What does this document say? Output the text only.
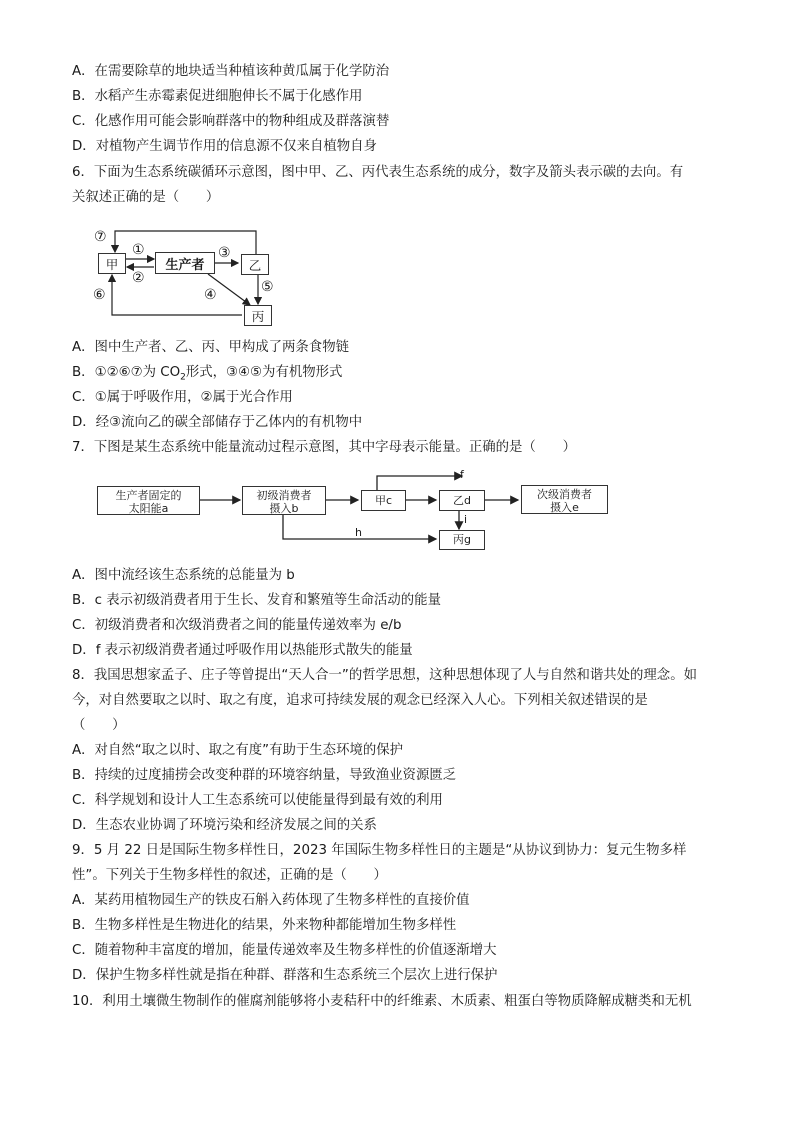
A．在需要除草的地块适当种植该种黄瓜属于化学防治
B．水稻产生赤霉素促进细胞伸长不属于化感作用
C．化感作用可能会影响群落中的物种组成及群落演替
D．对植物产生调节作用的信息源不仅来自植物自身
6．下面为生态系统碳循环示意图，图中甲、乙、丙代表生态系统的成分，数字及箭头表示碳的去向。有
关叙述正确的是（　　）
甲	生产者	乙
丙
⑦
①
②
③
④	⑤
⑥
A．图中生产者、乙、丙、甲构成了两条食物链
B．①②⑥⑦为 $CO_2$形式，③④⑤为有机物形式
C．①属于呼吸作用，②属于光合作用
D．经③流向乙的碳全部储存于乙体内的有机物中
7．下图是某生态系统中能量流动过程示意图，其中字母表示能量。正确的是（　　）
生产者固定的
太阳能a
初级消费者
摄入b
甲c	乙d	次级消费者
摄入e
丙g
f
h
i
A．图中流经该生态系统的总能量为 b
B．c 表示初级消费者用于生长、发育和繁殖等生命活动的能量
C．初级消费者和次级消费者之间的能量传递效率为 e/b
D．f 表示初级消费者通过呼吸作用以热能形式散失的能量
8．我国思想家孟子、庄子等曾提出“天人合一”的哲学思想，这种思想体现了人与自然和谐共处的理念。如
今，对自然要取之以时、取之有度，追求可持续发展的观念已经深入人心。下列相关叙述错误的是
（　　）
A．对自然“取之以时、取之有度”有助于生态环境的保护
B．持续的过度捕捞会改变种群的环境容纳量，导致渔业资源匮乏
C．科学规划和设计人工生态系统可以使能量得到最有效的利用
D．生态农业协调了环境污染和经济发展之间的关系
9．5 月 22 日是国际生物多样性日，2023 年国际生物多样性日的主题是“从协议到协力：复元生物多样
性”。下列关于生物多样性的叙述，正确的是（　　）
A．某药用植物园生产的铁皮石斛入药体现了生物多样性的直接价值
B．生物多样性是生物进化的结果，外来物种都能增加生物多样性
C．随着物种丰富度的增加，能量传递效率及生物多样性的价值逐渐增大
D．保护生物多样性就是指在种群、群落和生态系统三个层次上进行保护
10．利用土壤微生物制作的催腐剂能够将小麦秸秆中的纤维素、木质素、粗蛋白等物质降解成糖类和无机
